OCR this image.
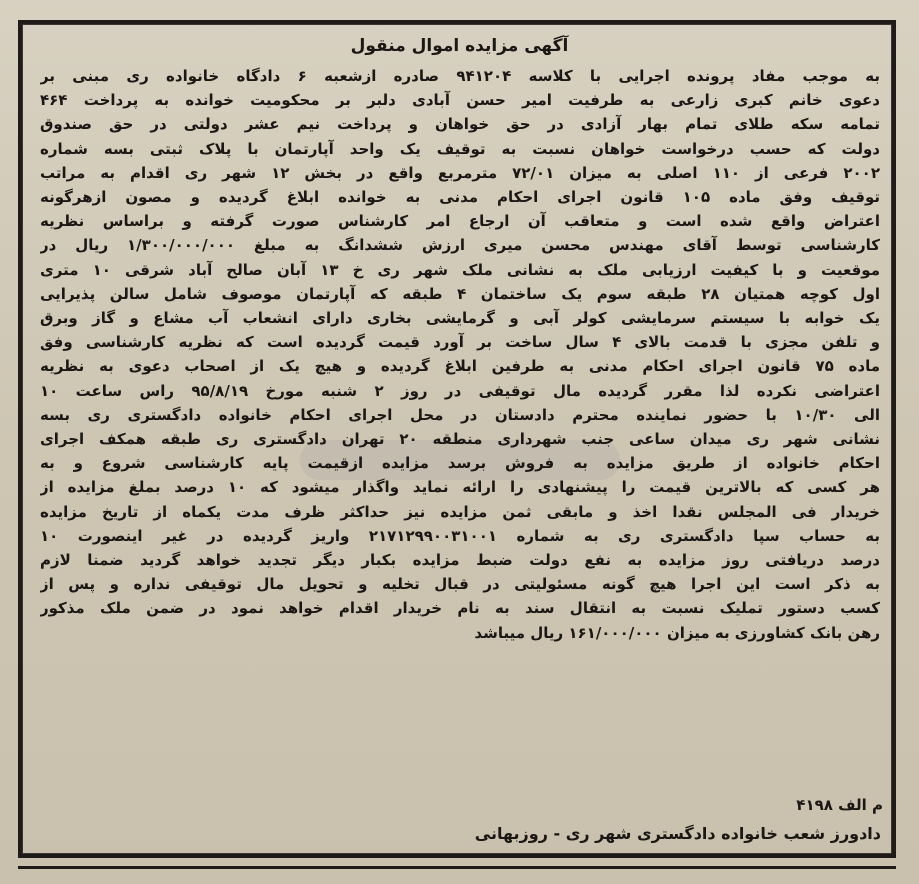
آگهی مزایده اموال منقول
به موجب مفاد پرونده اجرایی با کلاسه ۹۴۱۲۰۴ صادره ازشعبه ۶ دادگاه خانواده ری مبنی بر
دعوی خانم کبری زارعی به طرفیت امیر حسن آبادی دلبر بر محکومیت خوانده به پرداخت ۴۶۴
تمامه سکه طلای تمام بهار آزادی در حق خواهان و پرداخت نیم عشر دولتی در حق صندوق
دولت که حسب درخواست خواهان نسبت به توقیف یک واحد آپارتمان با پلاک ثبتی بسه شماره
۲۰۰۲ فرعی از ۱۱۰ اصلی به میزان ۷۲/۰۱ مترمربع واقع در بخش ۱۲ شهر ری اقدام به مراتب
توقیف وفق ماده ۱۰۵ قانون اجرای احکام مدنی به خوانده ابلاغ گردیده و مصون ازهرگونه
اعتراض واقع شده است و متعاقب آن ارجاع امر کارشناس صورت گرفته و براساس نظریه
کارشناسی توسط آقای مهندس محسن میری ارزش ششدانگ به مبلغ ۱/۳۰۰/۰۰۰/۰۰۰ ریال در
موقعیت و با کیفیت ارزیابی ملک به نشانی ملک شهر ری خ ۱۳ آبان صالح آباد شرقی ۱۰ متری
اول کوچه همتیان ۲۸ طبقه سوم یک ساختمان ۴ طبقه که آپارتمان موصوف شامل سالن پذیرایی
یک خوابه با سیستم سرمایشی کولر آبی و گرمایشی بخاری دارای انشعاب آب مشاع و گاز وبرق
و تلفن مجزی با قدمت بالای ۴ سال ساخت بر آورد قیمت گردیده است که نظریه کارشناسی وفق
ماده ۷۵ قانون اجرای احکام مدنی به طرفین ابلاغ گردیده و هیچ یک از اصحاب دعوی به نظریه
اعتراضی نکرده لذا مقرر گردیده مال توقیفی در روز ۲ شنبه مورخ ۹۵/۸/۱۹ راس ساعت ۱۰
الی ۱۰/۳۰ با حضور نماینده محترم دادستان در محل اجرای احکام خانواده دادگستری ری بسه
نشانی شهر ری میدان ساعی جنب شهرداری منطقه ۲۰ تهران دادگستری ری طبقه همکف اجرای
احکام خانواده از طریق مزایده به فروش برسد مزایده ازقیمت پایه کارشناسی شروع و به
هر کسی که بالاترین قیمت را پیشنهادی را ارائه نماید واگذار میشود که ۱۰ درصد بملغ مزایده از
خریدار فی المجلس نقدا اخذ و مابقی ثمن مزایده نیز حداکثر ظرف مدت یکماه از تاریخ مزایده
به حساب سپا دادگستری ری به شماره ۲۱۷۱۲۹۹۰۰۳۱۰۰۱ واریز گردیده در غیر اینصورت ۱۰
درصد دریافتی روز مزایده به نفع دولت ضبط مزایده بکبار دیگر تجدید خواهد گردید ضمنا لازم
به ذکر است این اجرا هیچ گونه مسئولیتی در قبال تخلیه و تحویل مال توقیفی نداره و پس از
کسب دستور تملیک نسبت به انتقال سند به نام خریدار اقدام خواهد نمود در ضمن ملک مذکور
رهن بانک کشاورزی به میزان ۱۶۱/۰۰۰/۰۰۰ ریال میباشد
م الف ۴۱۹۸
دادورز شعب خانواده دادگستری شهر ری - روزبهانی
